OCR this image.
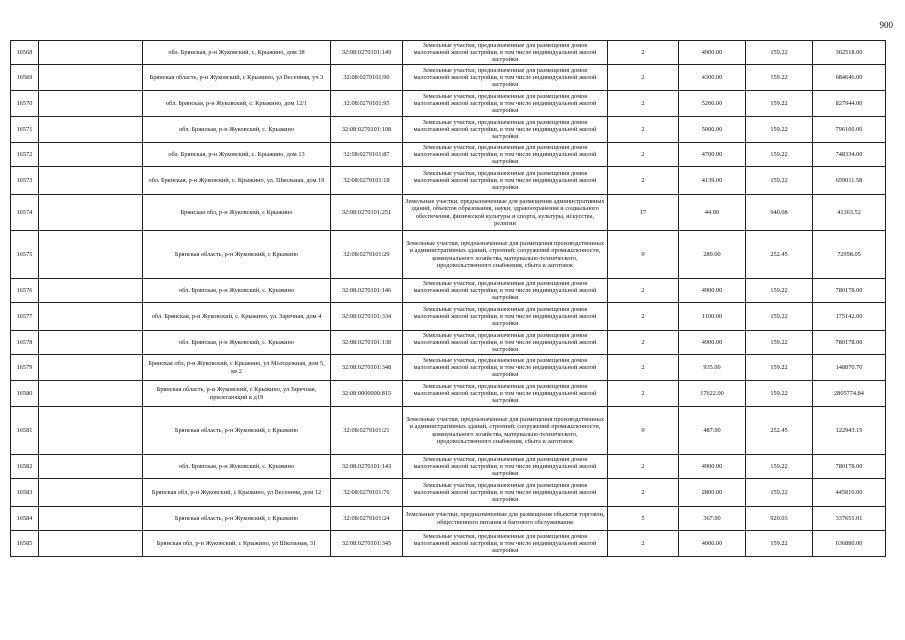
900
16568		обл. Брянская, р-н Жуковский, с. Крыжино, дом 38	32:08:0270101:149	Земельные участки, предназначенные для размещения домов малоэтажной жилой застройки, в том числе индивидуальной жилой застройки	2	4900.00	159.22	302518.00
16569		Брянская область, р-н Жуковский, с Крыжино, ул Весенняя, уч 3	32:08:0270101:90	Земельные участки, предназначенные для размещения домов малоэтажной жилой застройки, в том числе индивидуальной жилой застройки	2	4300.00	159.22	684646.00
16570		обл. Брянская, р-н Жуковский, с. Крыжино, дом 12/1	32:08:0270101:95	Земельные участки, предназначенные для размещения домов малоэтажной жилой застройки, в том числе индивидуальной жилой застройки	2	5200.00	159.22	827944.00
16571		обл. Брянская, р-н Жуковский, с. Крыжино	32:08:0270101:108	Земельные участки, предназначенные для размещения домов малоэтажной жилой застройки, в том числе индивидуальной жилой застройки	2	5000.00	159.22	796100.00
16572		обл. Брянская, р-н Жуковский, с. Крыжино, дом 13	32:08:0270101:87	Земельные участки, предназначенные для размещения домов малоэтажной жилой застройки, в том числе индивидуальной жилой застройки	2	4700.00	159.22	748334.00
16573		обл. Брянская, р-н Жуковский, с. Крыжино, ул. Школьная, дом 19	32:08:0270101:18	Земельные участки, предназначенные для размещения домов малоэтажной жилой застройки, в том числе индивидуальной жилой застройки	2	4139.00	159.22	659011.58
16574		Брянская обл, р-н Жуковский, с Крыжино	32:08:0270101:251	Земельные участки, предназначенные для размещения административных зданий, объектов образования, науки, здравоохранения и социального обеспечения, физической культуры и спорта, культуры, искусства, религии	17	44.00	940.08	41363.52
16575		Брянская область, р-н Жуковский, с Крыжино	32:08:0270101:29	Земельные участки, предназначенные для размещения производственных и административных зданий, строений, сооружений промышленности, коммунального хозяйства, материально-технического, продовольственного снабжения, сбыта и заготовок	9	289.00	252.45	72958.05
16576		обл. Брянская, р-н Жуковский, с. Крыжино	32:08:0270101:146	Земельные участки, предназначенные для размещения домов малоэтажной жилой застройки, в том числе индивидуальной жилой застройки	2	4900.00	159.22	780178.00
16577		обл. Брянская, р-н Жуковский, с. Крыжино, ул. Заречная, дом 4	32:08:0270101:334	Земельные участки, предназначенные для размещения домов малоэтажной жилой застройки, в том числе индивидуальной жилой застройки	2	1100.00	159.22	175142.00
16578		обл. Брянская, р-н Жуковский, с. Крыжино	32:08:0270101:138	Земельные участки, предназначенные для размещения домов малоэтажной жилой застройки, в том числе индивидуальной жилой застройки	2	4900.00	159.22	780178.00
16579		Брянская обл, р-н Жуковский, с Крыжино, ул Молодежная, дом 5, кв 2	32:08:0270101:348	Земельные участки, предназначенные для размещения домов малоэтажной жилой застройки, в том числе индивидуальной жилой застройки	2	935.00	159.22	148870.70
16580		Брянская область, р-н Жуковский, с Крыжино, ул Заречная, прилегающий к д19	32:08:0000000:815	Земельные участки, предназначенные для размещения домов малоэтажной жилой застройки, в том числе индивидуальной жилой застройки	2	17622.00	159.22	2805774.84
16581		Брянская область, р-н Жуковский, с Крыжино	32:08:0270101:21	Земельные участки, предназначенные для размещения производственных и административных зданий, строений, сооружений промышленности, коммунального хозяйства, материально-технического, продовольственного снабжения, сбыта и заготовок	9	487.00	252.45	122943.15
16582		обл. Брянская, р-н Жуковский, с. Крыжино	32:08:0270101:143	Земельные участки, предназначенные для размещения домов малоэтажной жилой застройки, в том числе индивидуальной жилой застройки	2	4900.00	159.22	780178.00
16583		Брянская обл, р-н Жуковский, с Крыжино, ул Весенняя, дом 12	32:08:0270101:76	Земельные участки, предназначенные для размещения домов малоэтажной жилой застройки, в том числе индивидуальной жилой застройки	2	2800.00	159.22	445816.00
16584		Брянская область, р-н Жуковский, с Крыжино	32:08:0270101:24	Земельные участки, предназначенные для размещения объектов торговли, общественного питания и бытового обслуживания	5	367.00	920.03	337651.01
16585		Брянская обл, р-н Жуковский, с Крыжино, ул Школьная, 31	32:08:0270101:345	Земельные участки, предназначенные для размещения домов малоэтажной жилой застройки, в том числе индивидуальной жилой застройки	2	4000.00	159.22	636880.00
